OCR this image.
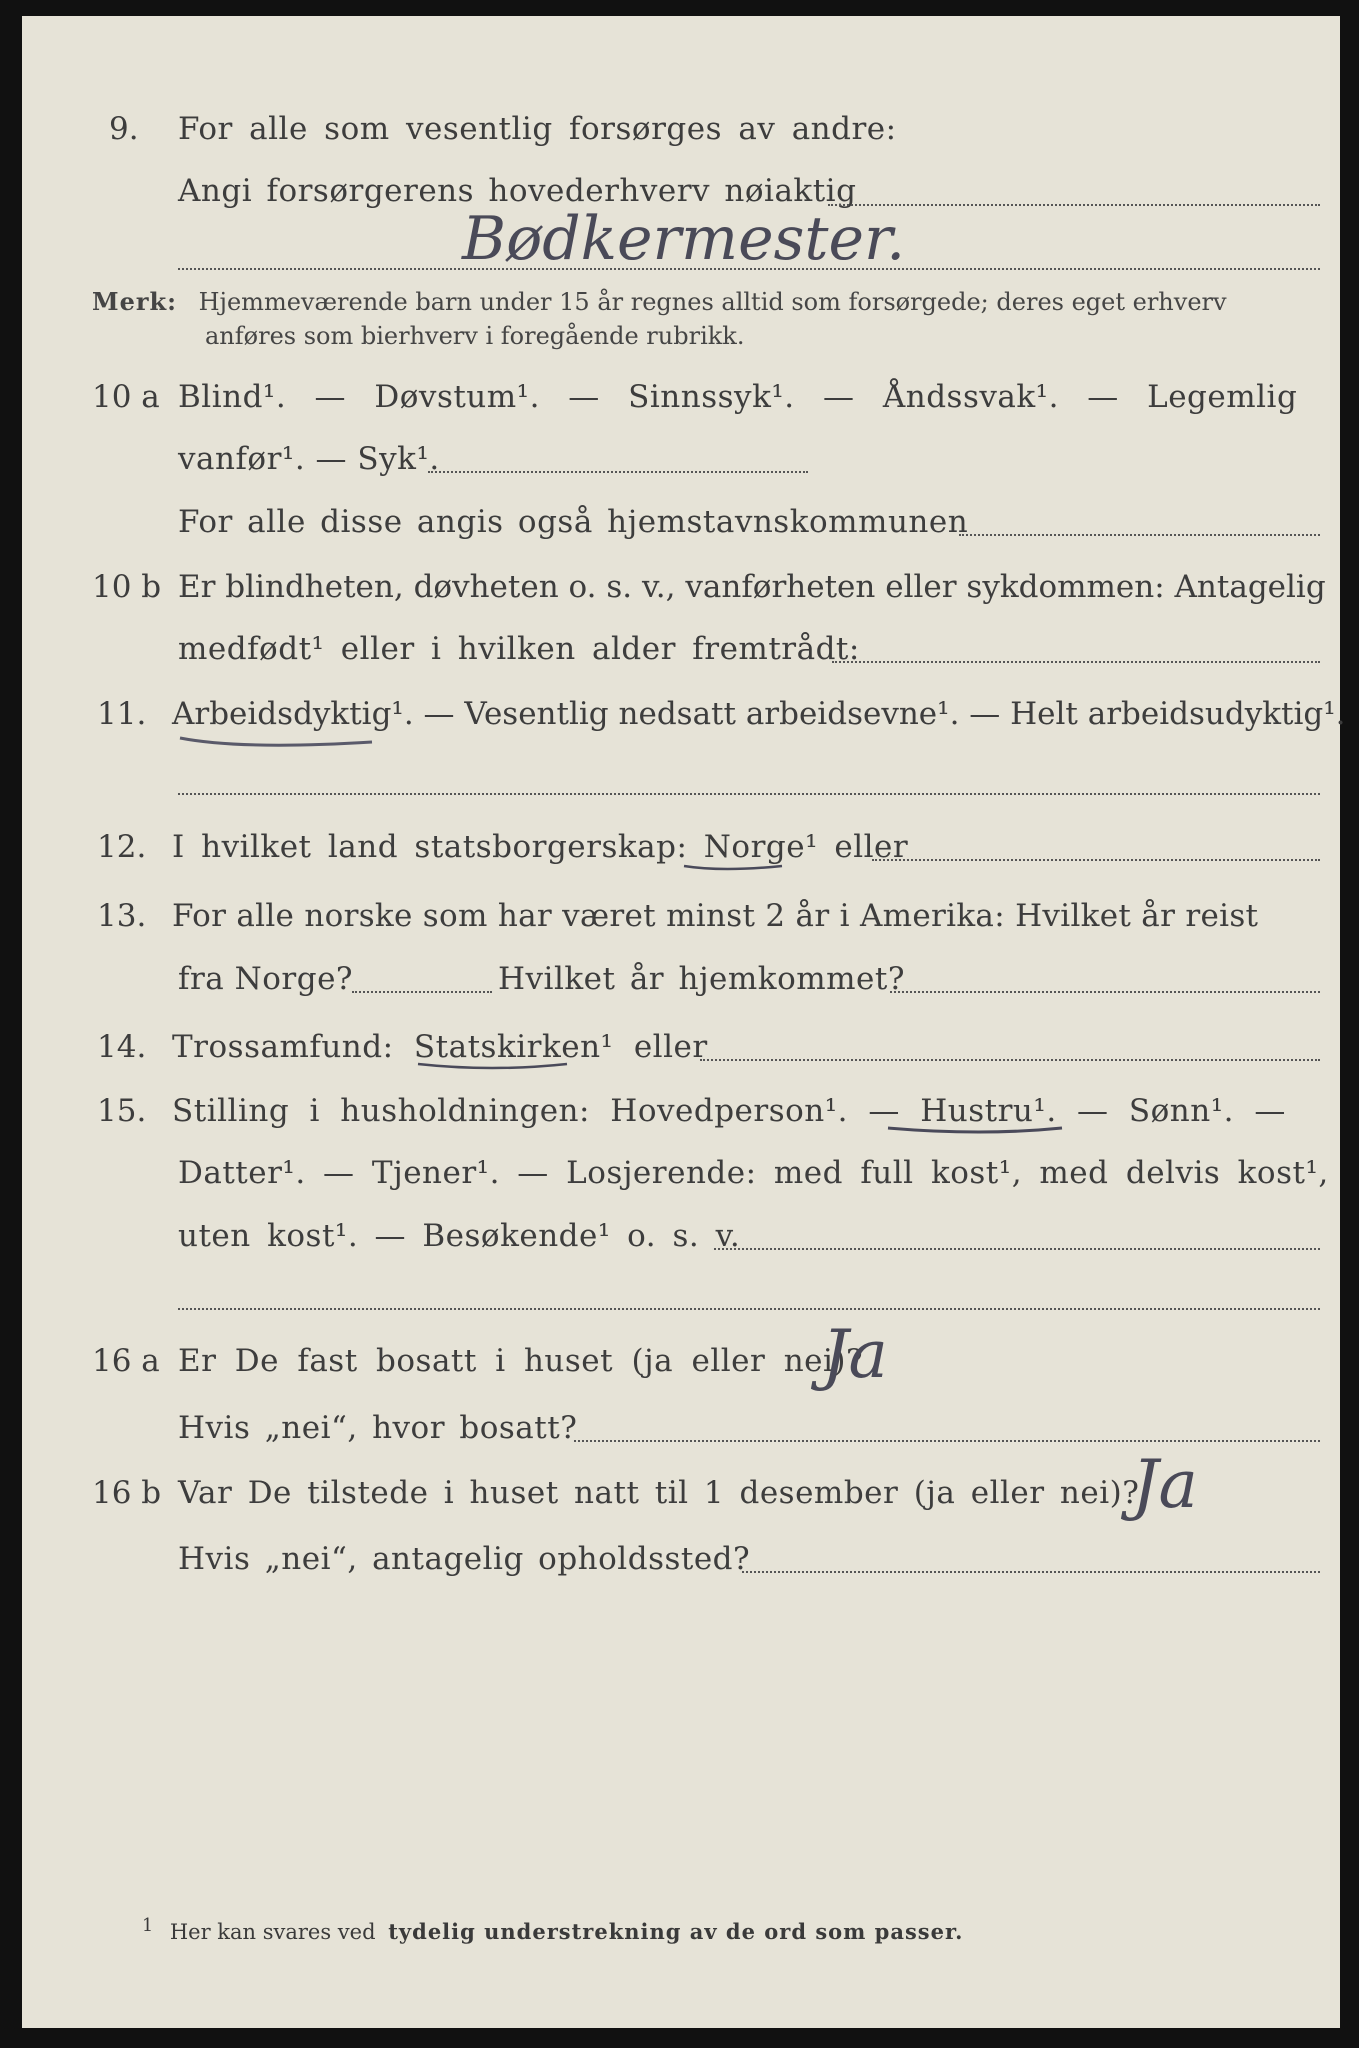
9. For alle som vesentlig forsørges av andre:
Angi forsørgerens hovederhverv nøiaktig
Bødkermester.
Merk: Hjemmeværende barn under 15 år regnes alltid som forsørgede; deres eget erhverv
anføres som bierhverv i foregående rubrikk.
10 a Blind¹. — Døvstum¹. — Sinnssyk¹. — Åndssvak¹. — Legemlig
vanfør¹. — Syk¹.
For alle disse angis også hjemstavnskommunen
10 b Er blindheten, døvheten o. s. v., vanførheten eller sykdommen: Antagelig
medfødt¹ eller i hvilken alder fremtrådt:
11. Arbeidsdyktig¹. — Vesentlig nedsatt arbeidsevne¹. — Helt arbeidsudyktig¹.
12. I hvilket land statsborgerskap: Norge¹ eller
13. For alle norske som har været minst 2 år i Amerika: Hvilket år reist
fra Norge?	Hvilket år hjemkommet?
14. Trossamfund: Statskirken¹ eller
15. Stilling i husholdningen: Hovedperson¹. — Hustru¹. — Sønn¹. —
Datter¹. — Tjener¹. — Losjerende: med full kost¹, med delvis kost¹,
uten kost¹. — Besøkende¹ o. s. v.
16 a Er De fast bosatt i huset (ja eller nei)?
Ja
Hvis „nei“, hvor bosatt?
16 b Var De tilstede i huset natt til 1 desember (ja eller nei)?
Ja
Hvis „nei“, antagelig opholdssted?
$^1$ Her kan svares ved tydelig understrekning av de ord som passer.
